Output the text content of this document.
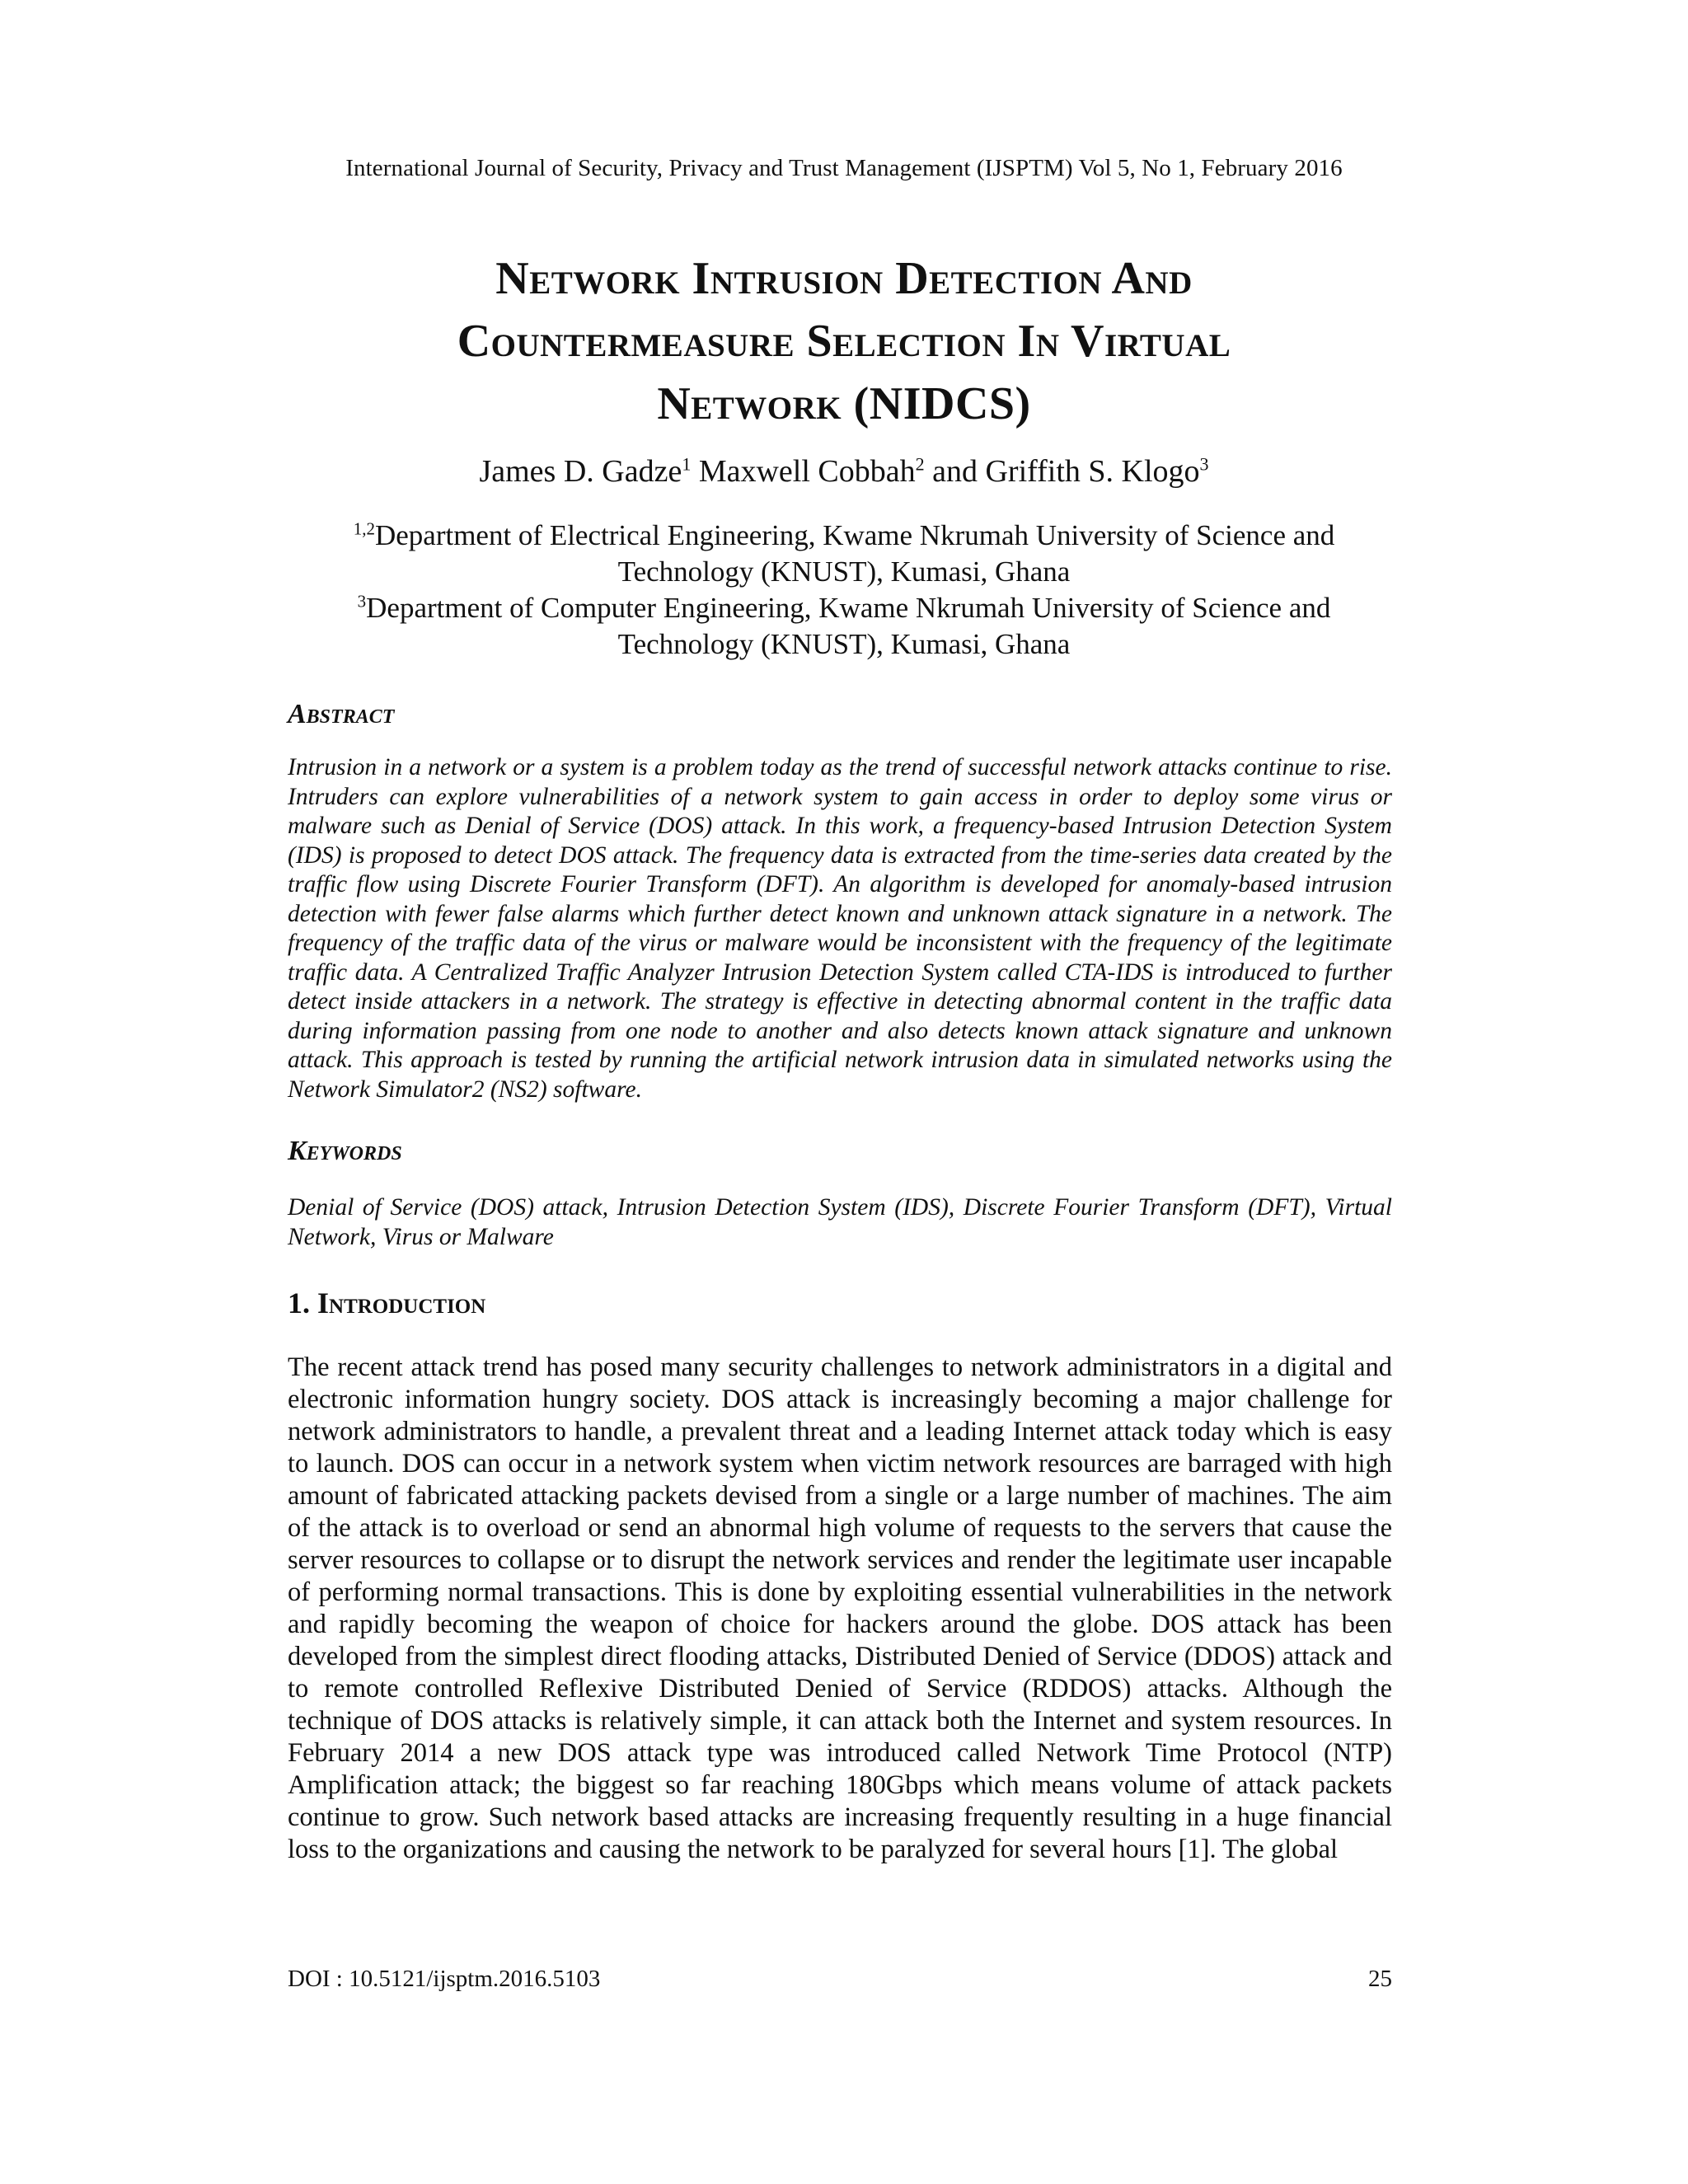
International Journal of Security, Privacy and Trust Management (IJSPTM) Vol 5, No 1, February 2016
Network Intrusion Detection And
Countermeasure Selection In Virtual
Network (NIDCS)
James D. Gadze$^1$ Maxwell Cobbah$^2$ and Griffith S. Klogo$^3$
$^{1,2}$Department of Electrical Engineering, Kwame Nkrumah University of Science and
Technology (KNUST), Kumasi, Ghana
$^3$Department of Computer Engineering, Kwame Nkrumah University of Science and
Technology (KNUST), Kumasi, Ghana
Abstract
Intrusion in a network or a system is a problem today as the trend of successful network attacks continue to rise. Intruders can explore vulnerabilities of a network system to gain access in order to deploy some virus or malware such as Denial of Service (DOS) attack. In this work, a frequency-based Intrusion Detection System (IDS) is proposed to detect DOS attack. The frequency data is extracted from the time-series data created by the traffic flow using Discrete Fourier Transform (DFT). An algorithm is developed for anomaly-based intrusion detection with fewer false alarms which further detect known and unknown attack signature in a network. The frequency of the traffic data of the virus or malware would be inconsistent with the frequency of the legitimate traffic data. A Centralized Traffic Analyzer Intrusion Detection System called CTA-IDS is introduced to further detect inside attackers in a network. The strategy is effective in detecting abnormal content in the traffic data during information passing from one node to another and also detects known attack signature and unknown attack. This approach is tested by running the artificial network intrusion data in simulated networks using the Network Simulator2 (NS2) software.
Keywords
Denial of Service (DOS) attack, Intrusion Detection System (IDS), Discrete Fourier Transform (DFT), Virtual Network, Virus or Malware
1. Introduction
The recent attack trend has posed many security challenges to network administrators in a digital and electronic information hungry society. DOS attack is increasingly becoming a major challenge for network administrators to handle, a prevalent threat and a leading Internet attack today which is easy to launch. DOS can occur in a network system when victim network resources are barraged with high amount of fabricated attacking packets devised from a single or a large number of machines. The aim of the attack is to overload or send an abnormal high volume of requests to the servers that cause the server resources to collapse or to disrupt the network services and render the legitimate user incapable of performing normal transactions. This is done by exploiting essential vulnerabilities in the network and rapidly becoming the weapon of choice for hackers around the globe. DOS attack has been developed from the simplest direct flooding attacks, Distributed Denied of Service (DDOS) attack and to remote controlled Reflexive Distributed Denied of Service (RDDOS) attacks. Although the technique of DOS attacks is relatively simple, it can attack both the Internet and system resources. In February 2014 a new DOS attack type was introduced called Network Time Protocol (NTP) Amplification attack; the biggest so far reaching 180Gbps which means volume of attack packets continue to grow. Such network based attacks are increasing frequently resulting in a huge financial loss to the organizations and causing the network to be paralyzed for several hours [1]. The global
DOI : 10.5121/ijsptm.2016.5103	25
